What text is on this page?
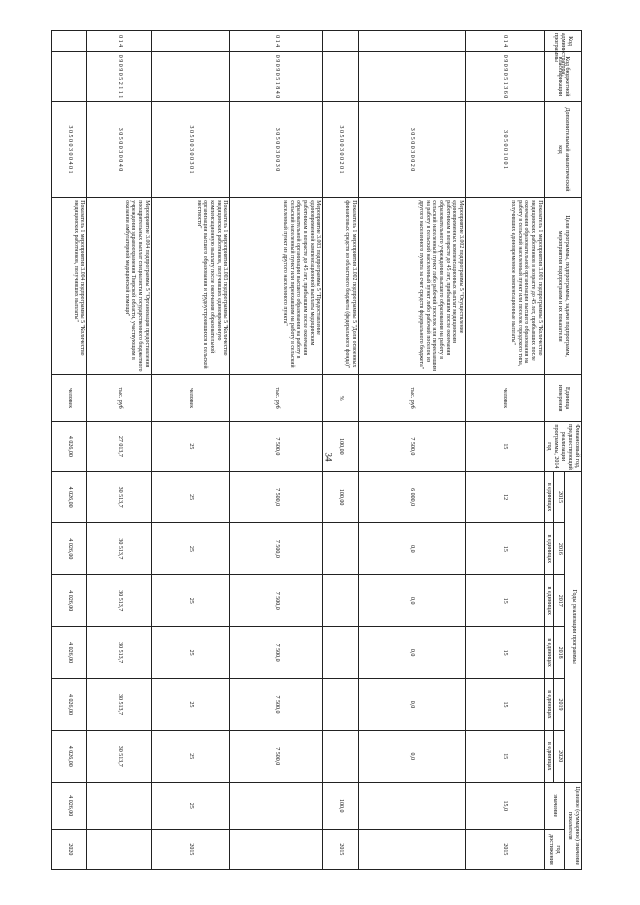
34
Код администратора программы	Код бюджетной классификации	Дополнительный аналитический код	Цели программы, подпрограммы, задачи подпрограмм, мероприятия подпрограмм и их показатели	Единица измерения	Финансовый год, предшествующий реализации программы, 2014 год	Годы реализации программы						Целевое (суммарное) значение показателя	
						2015	2016	2017	2018	2019	2020	значение	год достижения
						в единицах	в единицах	в единицах	в единицах	в единицах	в единицах		
0 1 4	0 9 0 9 0 5 1 3 6 0	3 0 5 0 0 1 0 0 1	Показатель 1 мероприятия 3.001 подпрограммы 5 "Количество медицинских работников в возрасте до 45 лет, прибывших после окончания образовательной организации высшего образования на работу в сельский населенный пункт или поселок городского типа, получивших единовременное компенсационные выплаты"	человек	15	12	15	15	15	15	15	15,0	2015
		3 0 5 0 0 3 0 0 2 0	Мероприятие 3.002 подпрограммы 5 "Осуществление единовременных компенсационных выплат медицинским работникам в возрасте до 45 лет, прибывшим после окончания образовательного учреждения высшего образования на работу в сельский населенный пункт либо рабочий поселок или переехавшим на работу в сельский населенный пункт либо рабочий поселок из другого населенного пункта за счет средств федерального бюджета"	тыс. руб	7 500,0	6 000,0	0,0	0,0	0,0	0,0	0,0		
		3 0 5 0 0 3 0 0 2 0 1	Показатель 1 мероприятия 3.002 подпрограммы 5 "Доля освоенных финансовых средств из областного бюджета (федерального фонда)"	%	100,00	100,00						100,0	2015
0 1 4	0 9 0 9 0 5 1 8 4 0	3 0 5 0 0 3 0 0 3 0	Мероприятие 3.003 подпрограммы 5 "Предоставление единовременной компенсационной выплаты медицинским работникам в возрасте до 45 лет, прибывшим после окончания образовательной организации высшего образования на работу в сельский населенный пункт или переехавшим на работу в сельский населенный пункт из другого населенного пункта"	тыс. руб	7 500,0	7 500,0	7 500,0	7 500,0	7 500,0	7 500,0	7 500,0		
		3 0 5 0 0 3 0 0 3 0 1	Показатель 1 мероприятия 3.003 подпрограммы 5 "Количество медицинских работников, получивших единовременную компенсационную выплату после окончания образовательной организации высшего образования и трудоустроившихся в сельской местности"	человек	25	25	25	25	25	25	25	25	2015
0 1 4	0 9 0 9 0 5 2 1 1 1	3 0 5 0 0 3 0 0 4 0	Мероприятие 3.004 подпрограммы 5 "Организация предоставления поощрительных выплат специалистам государственного бюджетного учреждения здравоохранения Тверской области, участвующим в оказании амбулаторной медицинской помощи"	тыс. руб	27 013,7	30 513,7	30 513,7	30 513,7	30 513,7	30 513,7	30 513,7		
		3 0 5 0 0 3 0 0 4 0 1	Показатель 1 мероприятия 3.004 подпрограммы 5 "Количество медицинских работников, получивших выплаты"	человек	4 026,00	4 026,00	4 026,00	4 026,00	4 026,00	4 026,00	4 026,00	4 026,00	2020
